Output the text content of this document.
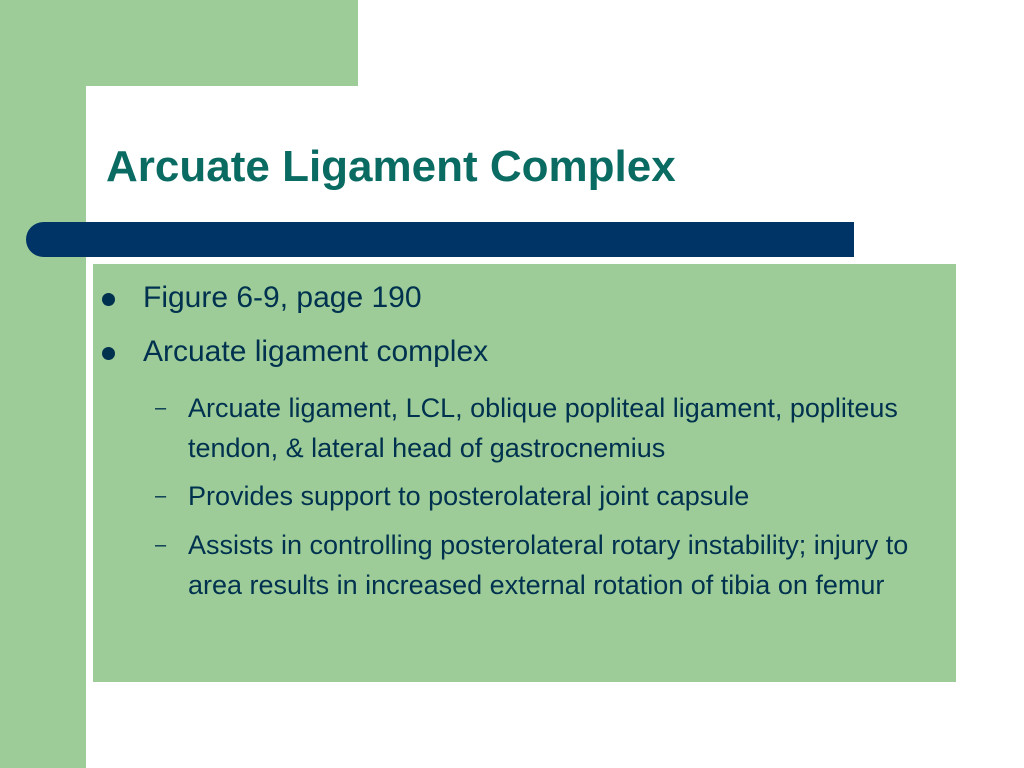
Arcuate Ligament Complex
Figure 6-9, page 190
Arcuate ligament complex
– Arcuate ligament, LCL, oblique popliteal ligament, popliteus tendon, & lateral head of gastrocnemius
– Provides support to posterolateral joint capsule
– Assists in controlling posterolateral rotary instability; injury to area results in increased external rotation of tibia on femur
